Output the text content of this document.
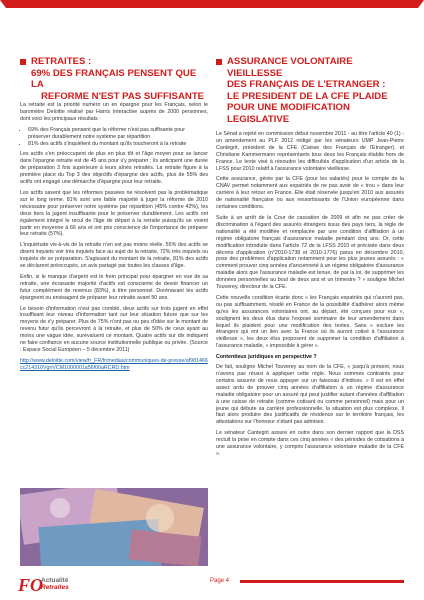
RETRAITES :
69% DES FRANÇAIS PENSENT QUE LA
REFORME N'EST PAS SUFFISANTE

La retraite est la priorité numéro un en épargne pour les Français, selon le baromètre Deloitte réalisé par Harris Interactive auprès de 2000 personnes, dont voici les principaux résultats :

• 69% des Français pensent que la réforme n'est pas suffisante pour préserver durablement notre système par répartition
• 81% des actifs s'inquiètent du montant qu'ils toucheront à la retraite

Les actifs s'en préoccupent de plus en plus tôt et l'âge moyen pour se lancer dans l'épargne retraite est de 45 ans pour s'y préparer ; ils anticipent une durée de préparation 3 fois supérieure à leurs aînés retraités. La retraite figure à la première place du Top 3 des objectifs d'épargne des actifs, plus de 55% des actifs ont engagé une démarche d'épargne pour leur retraite.

Les actifs savent que les réformes passées ne résolvent pas la problématique sur le long terme. 81% sont une faible majorité à juger la réforme de 2010 nécessaire pour préserver notre système par répartition (45% contre 42%), les deux tiers la jugent insuffisante pour le préserver durablement. Les actifs ont également intégré le recul de l'âge de départ à la retraite puisqu'ils se voient partir en moyenne à 66 ans et ont pris conscience de l'importance de préparer leur retraite (57%).

L'inquiétude vis-à-vis de la retraite n'en est pas moins réelle. 55% des actifs se disent inquiets voir très inquiets face au sujet de la retraite, 72% très inquiets ou inquiets de se préparation. S'agissant du montant de la retraite, 81% des actifs se déclarent préoccupés, un avis partagé par toutes les classes d'âge.

Enfin, si le manque d'argent est le frein principal pour épargner en vue de sa retraite, une écrasante majorité d'actifs est consciente de devoir financer un futur complément de revenus (83%), à titre personnel. Dorénavant les actifs épargnent ou envisagent de préparer leur retraite avant 50 ans.

Le besoin d'information n'est pas comblé, deux actifs sur trois jugent en effet insuffisant leur niveau d'information tant sur leur situation future que sur les moyens de s'y préparer. Plus de 75% n'ont pas ou peu d'idée sur le montant de revenu futur qu'ils percevront à la retraite, et plus de 50% de ceux ayant au moins une vague idée, surévaluent ce montant. Quatre actifs sur dix indiquent ne faire confiance en aucune source institutionnelle publique ou privée. (Source : Espace Social Européen – 5 décembre 2011)

http://www.deloitte.com/view/fr_FR/fr/medias/communiques-de-presse/af981466cc214310VgnVCM1000001a56f00aRCRD.htm

ASSURANCE VOLONTAIRE VIEILLESSE
DES FRANÇAIS DE L'ETRANGER :
LE PRESIDENT DE LA CFE PLAIDE
POUR UNE MODIFICATION LEGISLATIVE

Le Sénat a rejeté en commission début novembre 2011 - au titre l'article 40 (1) - un amendement au PLF 2012 rédigé par les sénateurs UMP Jean-Pierre Cantegrit, président de la CFE (Caisse des Français de l'Etranger), et Christiane Kammermann représentants tous deux les Français établis hors de France. Le texte visé à résoudre les difficultés d'application d'un article de la LFSS pour 2010 relatif à l'assurance volontaire vieillesse.

Cette assurance, gérée par la CFE (pour les salariés) pour le compte de la CNAV permet notamment aux expatriés de ne pas avoir de « trou » dans leur carrière à leur retour en France. Elle était réservée jusqu'en 2010 aux assurés de nationalité française ou aux ressortissants de l'Union européenne dans certaines conditions.

Suite à un arrêt de la Cour de cassation de 2009 et afin ne pas créer de discrimination à l'égard des assurés étrangers issus des pays tiers, la règle de nationalité a été modifiée et remplacée par une condition d'affiliation à un régime obligatoire français d'assurance maladie pendant cinq ans. Or, cette modification introduite dans l'article 72 de la LFSS 2010 et précisée dans deux décrets d'application (n°2010-1738 et 2010-1776) parus en décembre 2010, pose des problèmes d'application notamment pour les plus jeunes assurés : « comment prouver cinq années d'ancienneté à un régime obligatoire d'assurance maladie alors que l'assurance maladie est tenue, de par la loi, de supprimer les données personnelles au bout de deux ans et un trimestre ? » souligne Michel Touverey, directeur de la CFE.

Cette nouvelle condition écarte donc « les Français expatriés qui n'auront pas, ou pas suffisamment, résidé en France de la possibilité d'adhérer alors même qu'ex les assurances volontaires ont, au départ, été conçues pour eux », soulignent les deux élus dans l'exposé sommaire de leur amendement dans lequel ils plaident pour une modification des textes. Sans « exclure les étrangers qui ont un lien avec la France où ils auront cotisé à l'assurance vieillesse », les deux élus proposent de supprimer la condition d'affiliation à l'assurance maladie, « impossible à gérer ».

Contentieux juridiques en perspective ?

De fait, souligne Michel Touverey au nom de la CFE, « jusqu'à présent, nous n'avons pas réussi à appliquer cette règle. Nous sommes contraints pour certains assurés de nous appuyer sur un faisceau d'indices. » Il est en effet assez ardu de prouver cinq années d'affiliation à un régime d'assurance maladie obligatoire pour un assuré qui peut justifier autant d'années d'affiliation à une caisse de retraite (comme cotisant ou comme personnel) mais pour un jeune qui débute sa carrière professionnelle, la situation est plus complexe. Il faut alors produire des justificatifs de résidence sur le territoire français, les attestations sur l'honneur n'étant pas admises.

Le sénateur Cantegrit assure en outre dans son dernier rapport que la DSS rectuit la prise en compte dans ces cinq années « des périodes de cotisations à une assurance volontaire, y compris l'assurance volontaire maladie de la CFE ».

FO
Actualité
Retraites
Page 4
